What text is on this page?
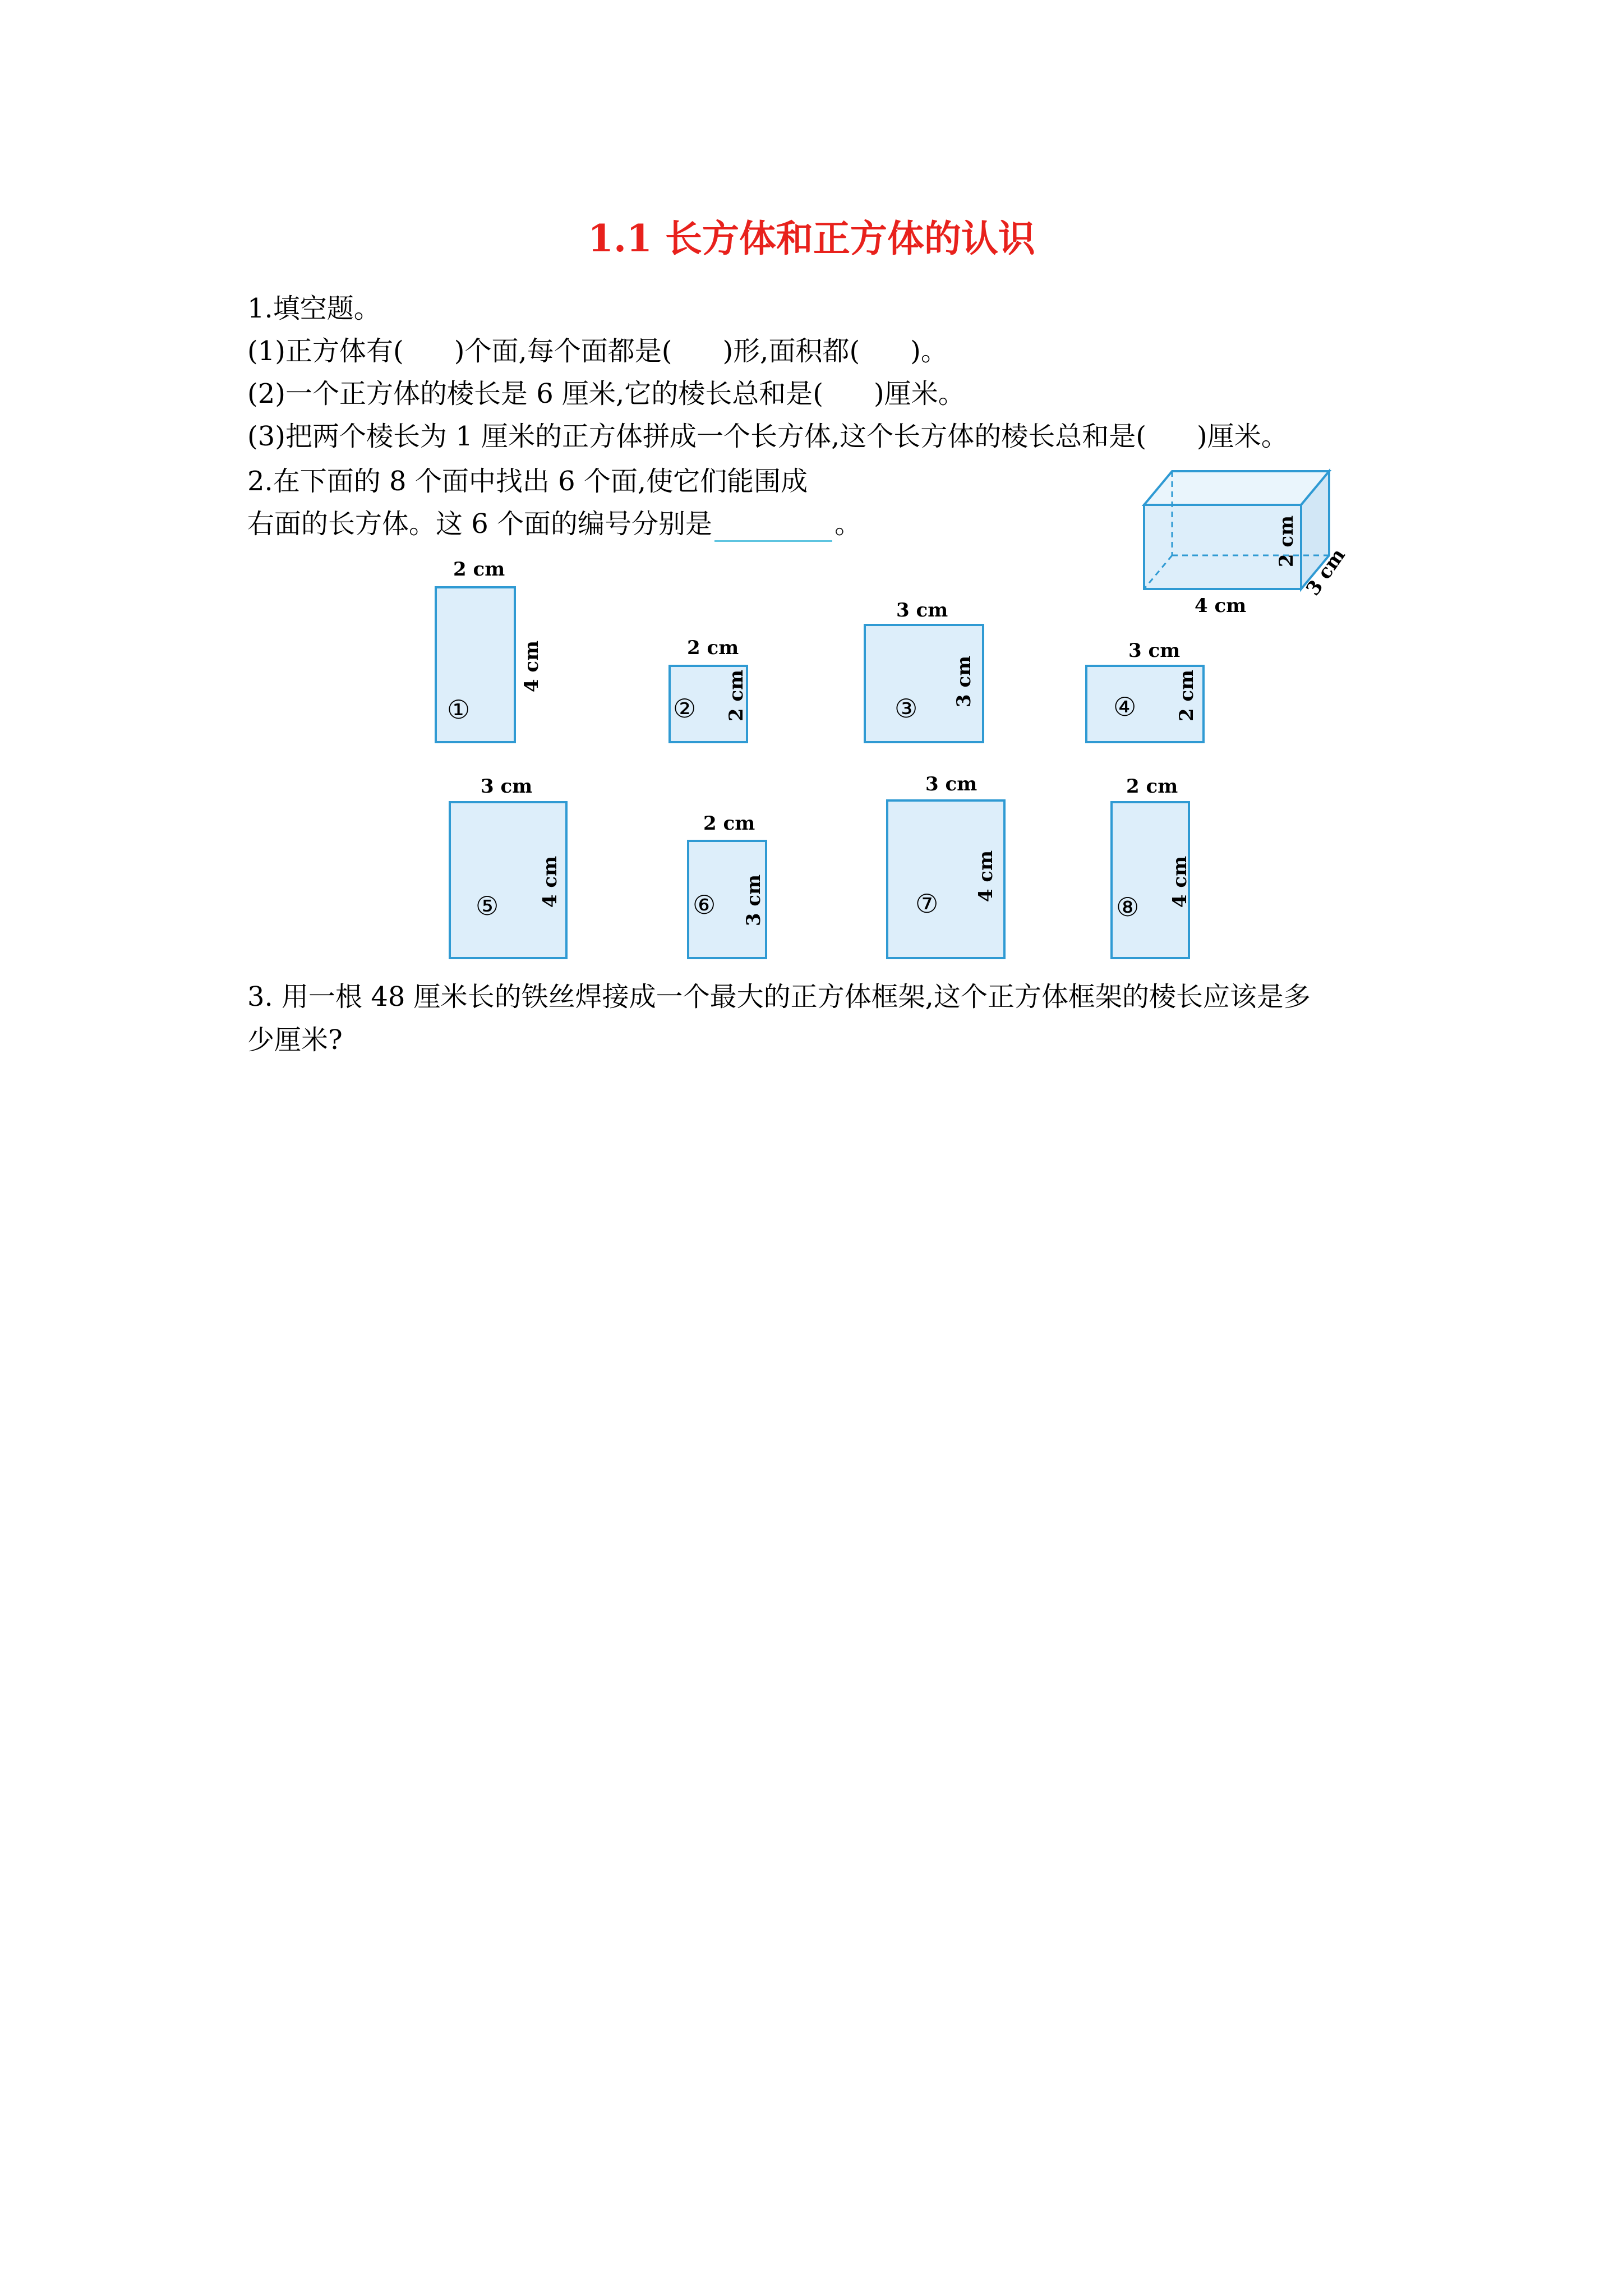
1.1 长方体和正方体的认识
1.填空题。
(1)正方体有( )个面,每个面都是( )形,面积都( )。
(2)一个正方体的棱长是 6 厘米,它的棱长总和是( )厘米。
(3)把两个棱长为 1 厘米的正方体拼成一个长方体,这个长方体的棱长总和是( )厘米。
2.在下面的 8 个面中找出 6 个面,使它们能围成
右面的长方体。这 6 个面的编号分别是	。
4 cm
2 cm
3 cm
2 cm
4 cm
①
2 cm
2 cm
②
3 cm
3 cm
③
3 cm
2 cm
④
3 cm
4 cm
⑤
2 cm
3 cm
⑥
3 cm
4 cm
⑦
2 cm
4 cm
⑧
3. 用一根 48 厘米长的铁丝焊接成一个最大的正方体框架,这个正方体框架的棱长应该是多
少厘米?
